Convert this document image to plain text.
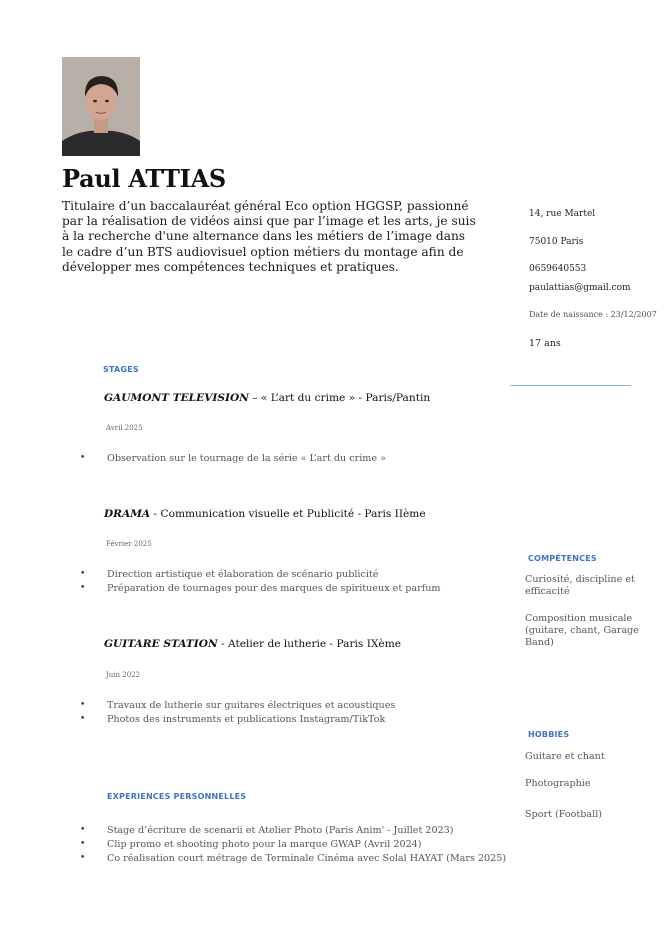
Paul ATTIAS
Titulaire d’un baccalauréat général Eco option HGGSP, passionné par la réalisation de vidéos ainsi que par l’image et les arts, je suis à la recherche d'une alternance dans les métiers de l’image dans le cadre d’un BTS audiovisuel option métiers du montage afin de développer mes compétences techniques et pratiques.
14, rue Martel
75010 Paris
0659640553
paulattias@gmail.com
Date de naissance : 23/12/2007
17 ans
STAGES
GAUMONT TELEVISION – « L’art du crime » - Paris/Pantin
Avril 2025
• Observation sur le tournage de la série « L’art du crime »
DRAMA - Communication visuelle et Publicité - Paris IIème
Février 2025
• Direction artistique et élaboration de scénario publicité
• Préparation de tournages pour des marques de spiritueux et parfum
GUITARE STATION - Atelier de lutherie - Paris IXème
Juin 2022
• Travaux de lutherie sur guitares électriques et acoustiques
• Photos des instruments et publications Instagram/TikTok
EXPERIENCES PERSONNELLES
• Stage d’écriture de scenarii et Atelier Photo (Paris Anim' - Juillet 2023)
• Clip promo et shooting photo pour la marque GWAP (Avril 2024)
• Co réalisation court métrage de Terminale Cinéma avec Solal HAYAT (Mars 2025)
COMPÉTENCES
Curiosité, discipline et efficacité
Composition musicale (guitare, chant, Garage Band)
HOBBIES
Guitare et chant
Photographie
Sport (Football)
